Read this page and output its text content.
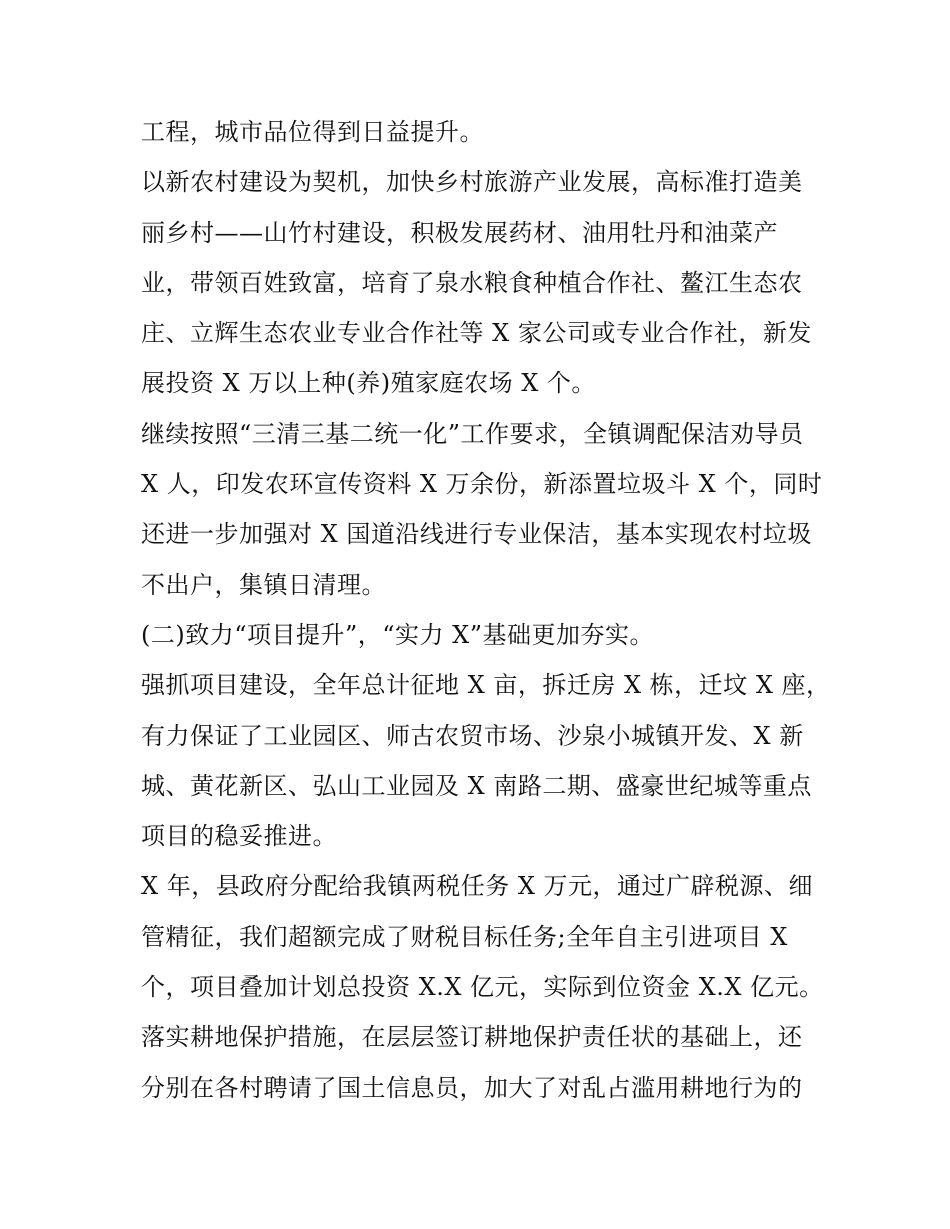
工程，城市品位得到日益提升。
以新农村建设为契机，加快乡村旅游产业发展，高标准打造美
丽乡村——山竹村建设，积极发展药材、油用牡丹和油菜产
业，带领百姓致富，培育了泉水粮食种植合作社、鳌江生态农
庄、立辉生态农业专业合作社等 X 家公司或专业合作社，新发
展投资 X 万以上种(养)殖家庭农场 X 个。
继续按照“三清三基二统一化”工作要求，全镇调配保洁劝导员
X 人，印发农环宣传资料 X 万余份，新添置垃圾斗 X 个，同时
还进一步加强对 X 国道沿线进行专业保洁，基本实现农村垃圾
不出户，集镇日清理。
(二)致力“项目提升”，“实力 X”基础更加夯实。
强抓项目建设，全年总计征地 X 亩，拆迁房 X 栋，迁坟 X 座，
有力保证了工业园区、师古农贸市场、沙泉小城镇开发、X 新
城、黄花新区、弘山工业园及 X 南路二期、盛豪世纪城等重点
项目的稳妥推进。
X 年，县政府分配给我镇两税任务 X 万元，通过广辟税源、细
管精征，我们超额完成了财税目标任务;全年自主引进项目 X
个，项目叠加计划总投资 X.X 亿元，实际到位资金 X.X 亿元。
落实耕地保护措施，在层层签订耕地保护责任状的基础上，还
分别在各村聘请了国土信息员，加大了对乱占滥用耕地行为的
